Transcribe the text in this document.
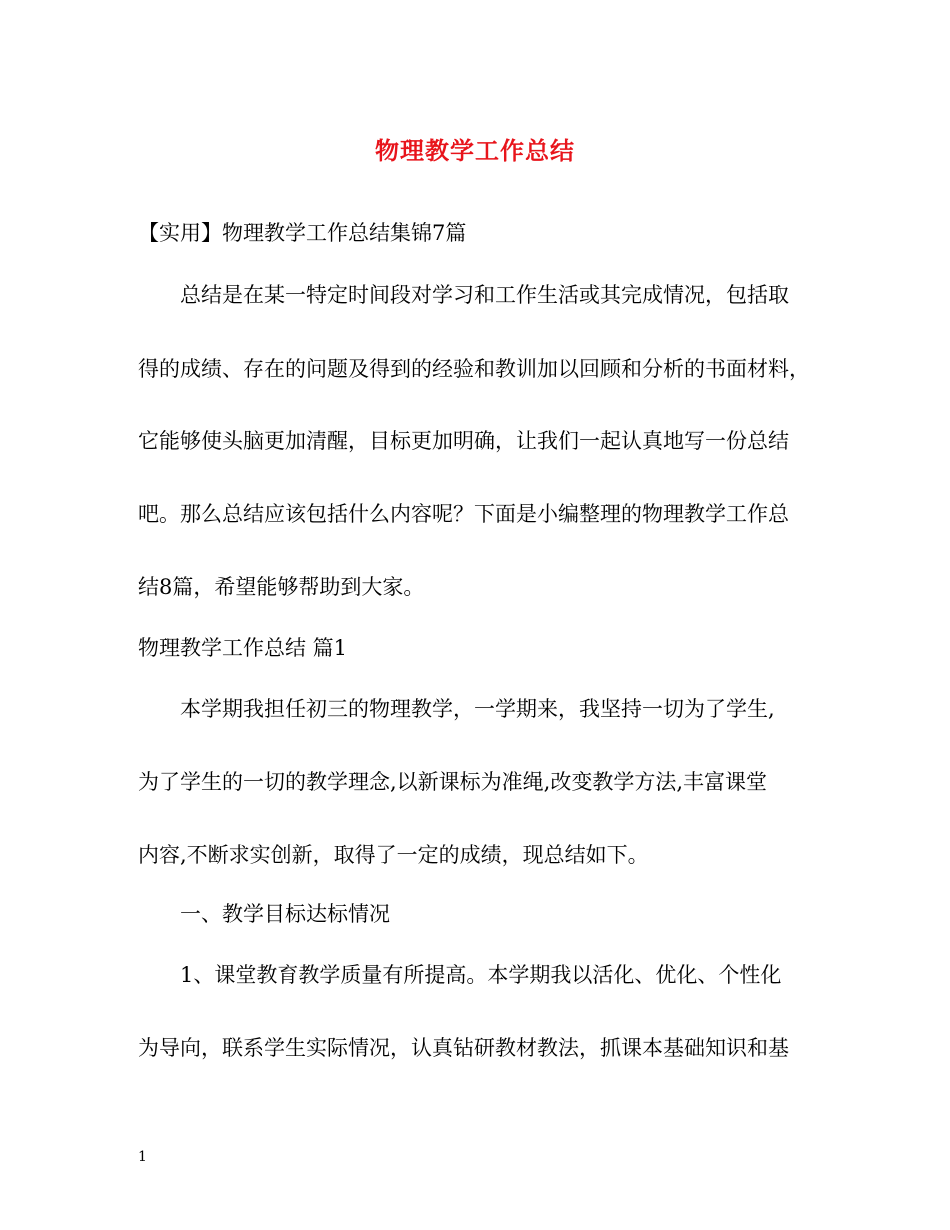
物理教学工作总结

【实用】物理教学工作总结集锦7篇

总结是在某一特定时间段对学习和工作生活或其完成情况，包括取

得的成绩、存在的问题及得到的经验和教训加以回顾和分析的书面材料，

它能够使头脑更加清醒，目标更加明确，让我们一起认真地写一份总结

吧。那么总结应该包括什么内容呢？下面是小编整理的物理教学工作总

结8篇，希望能够帮助到大家。

物理教学工作总结 篇1

本学期我担任初三的物理教学，一学期来，我坚持一切为了学生,

为了学生的一切的教学理念,以新课标为准绳,改变教学方法,丰富课堂

内容,不断求实创新，取得了一定的成绩，现总结如下。

一、教学目标达标情况

1、课堂教育教学质量有所提高。本学期我以活化、优化、个性化

为导向，联系学生实际情况，认真钻研教材教法，抓课本基础知识和基

1
